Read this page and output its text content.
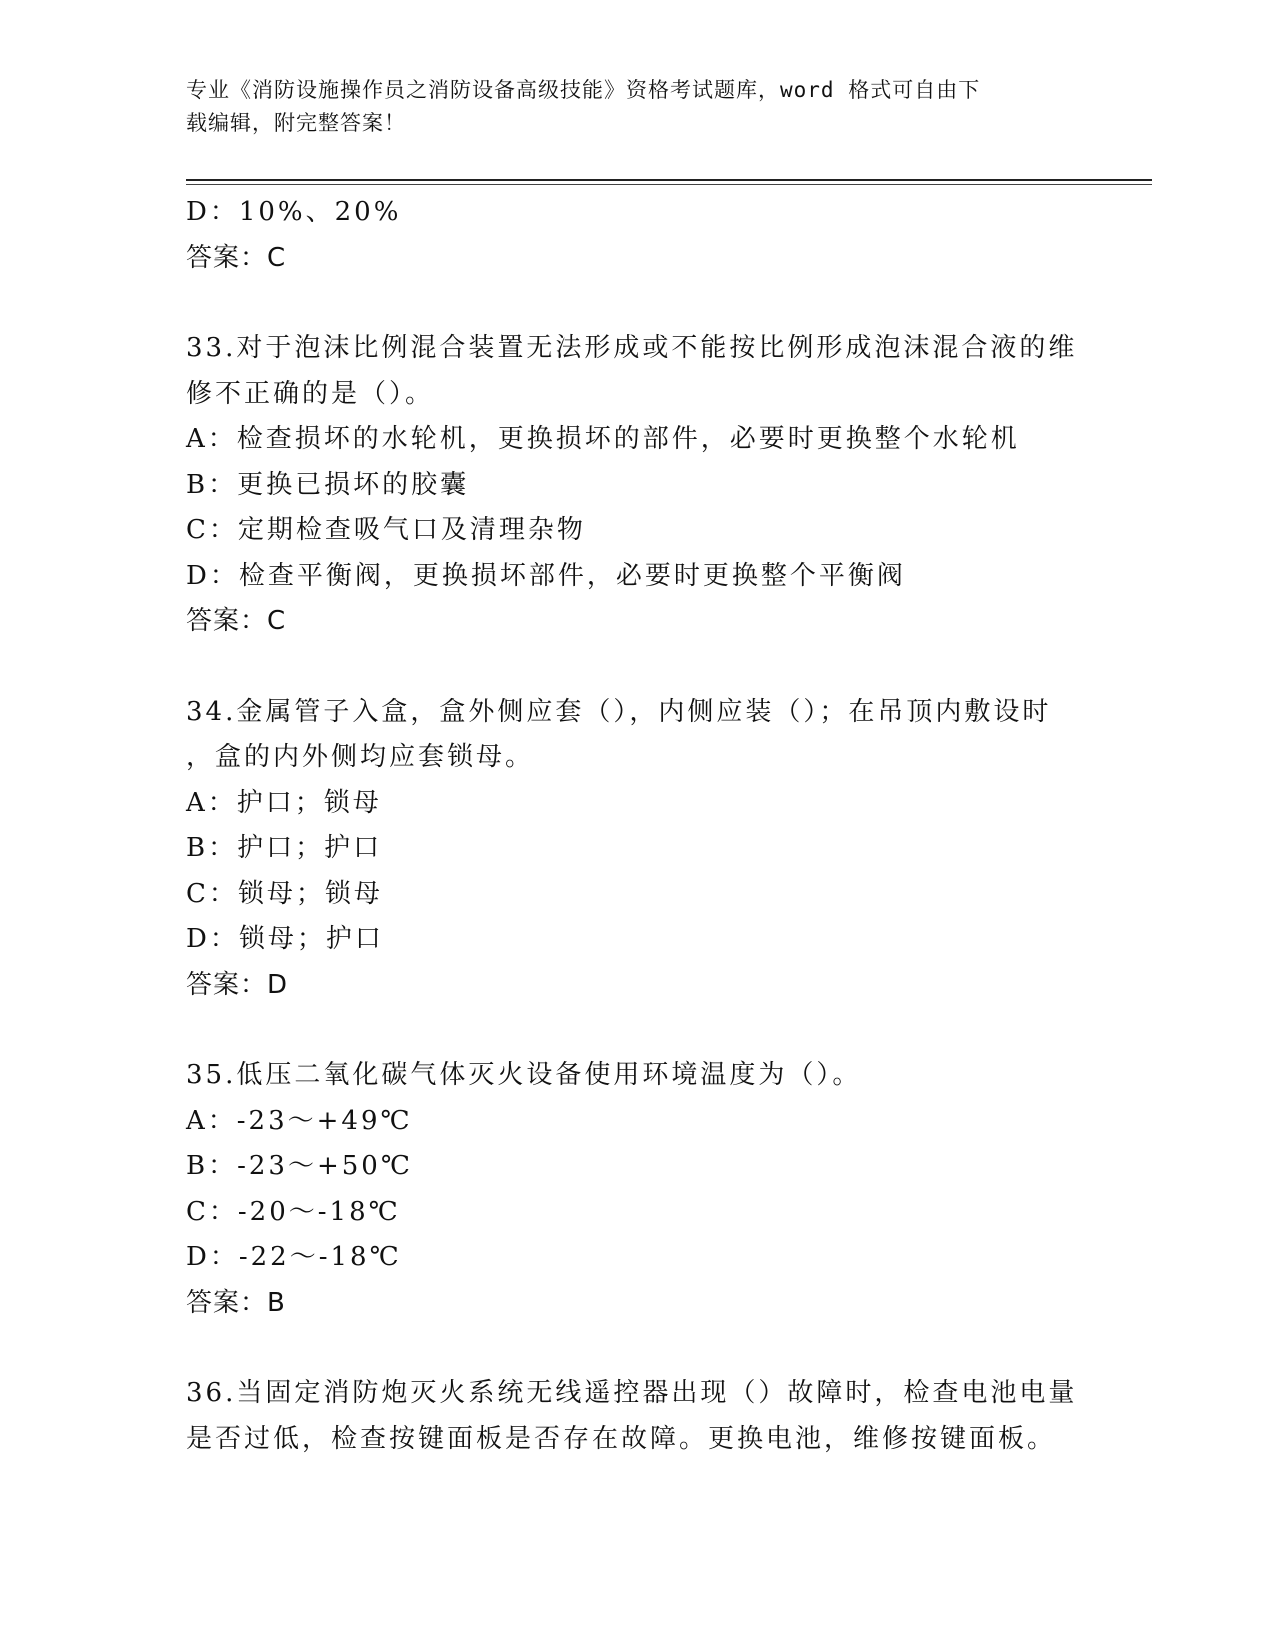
专业《消防设施操作员之消防设备高级技能》资格考试题库，word 格式可自由下
载编辑，附完整答案！
D：10%、20%
答案：C
33.对于泡沫比例混合装置无法形成或不能按比例形成泡沫混合液的维
修不正确的是（）。
A：检查损坏的水轮机，更换损坏的部件，必要时更换整个水轮机
B：更换已损坏的胶囊
C：定期检查吸气口及清理杂物
D：检查平衡阀，更换损坏部件，必要时更换整个平衡阀
答案：C
34.金属管子入盒，盒外侧应套（），内侧应装（）；在吊顶内敷设时
，盒的内外侧均应套锁母。
A：护口；锁母
B：护口；护口
C：锁母；锁母
D：锁母；护口
答案：D
35.低压二氧化碳气体灭火设备使用环境温度为（）。
A：-23～+49℃
B：-23～+50℃
C：-20～-18℃
D：-22～-18℃
答案：B
36.当固定消防炮灭火系统无线遥控器出现（）故障时，检查电池电量
是否过低，检查按键面板是否存在故障。更换电池，维修按键面板。
